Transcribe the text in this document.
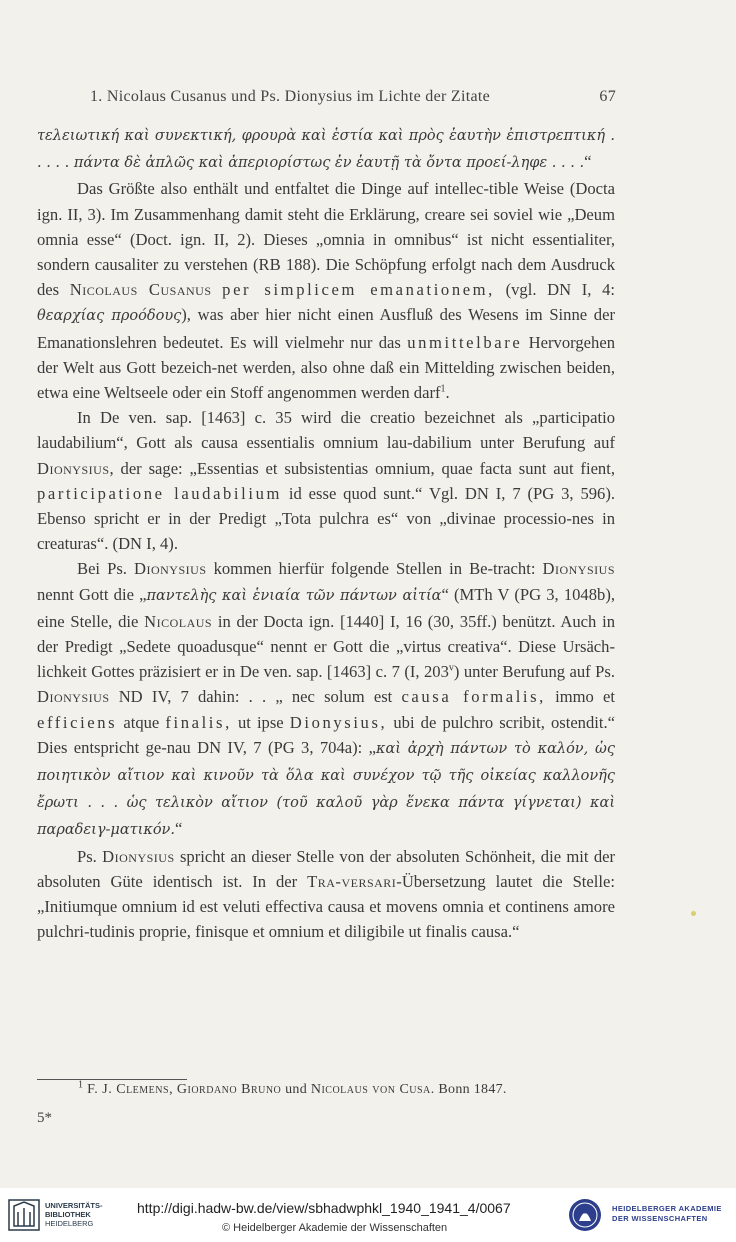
1. Nicolaus Cusanus und Ps. Dionysius im Lichte der Zitate	67

τελειωτική καὶ συνεκτική, φρουρὰ καὶ ἑστία καὶ πρὸς ἑαυτὴν ἐπιστρεπτική . . . . . πάντα δὲ ἀπλῶς καὶ ἀπεριορίστως ἐν ἑαυτῇ τὰ ὄντα προεί-ληφε . . . .“

Das Größte also enthält und entfaltet die Dinge auf intellec-tible Weise (Docta ign. II, 3). Im Zusammenhang damit steht die Erklärung, creare sei soviel wie „Deum omnia esse“ (Doct. ign. II, 2). Dieses „omnia in omnibus“ ist nicht essentialiter, sondern causaliter zu verstehen (RB 188). Die Schöpfung erfolgt nach dem Ausdruck des Nicolaus Cusanus per simplicem emanationem, (vgl. DN I, 4: θεαρχίας προόδους), was aber hier nicht einen Ausfluß des Wesens im Sinne der Emanationslehren bedeutet. Es will vielmehr nur das unmittelbare Hervorgehen der Welt aus Gott bezeich-net werden, also ohne daß ein Mittelding zwischen beiden, etwa eine Weltseele oder ein Stoff angenommen werden darf$^1$.

In De ven. sap. [1463] c. 35 wird die creatio bezeichnet als „participatio laudabilium“, Gott als causa essentialis omnium lau-dabilium unter Berufung auf Dionysius, der sage: „Essentias et subsistentias omnium, quae facta sunt aut fient, participatione laudabilium id esse quod sunt.“ Vgl. DN I, 7 (PG 3, 596). Ebenso spricht er in der Predigt „Tota pulchra es“ von „divinae processio-nes in creaturas“. (DN I, 4).

Bei Ps. Dionysius kommen hierfür folgende Stellen in Be-tracht: Dionysius nennt Gott die „παντελὴς καὶ ἑνιαία τῶν πάντων αἰτία“ (MTh V (PG 3, 1048b), eine Stelle, die Nicolaus in der Docta ign. [1440] I, 16 (30, 35ff.) benützt. Auch in der Predigt „Sedete quoadusque“ nennt er Gott die „virtus creativa“. Diese Ursäch-lichkeit Gottes präzisiert er in De ven. sap. [1463] c. 7 (I, 203$^v$) unter Berufung auf Ps. Dionysius ND IV, 7 dahin: . . „ nec solum est causa formalis, immo et efficiens atque finalis, ut ipse Dionysius, ubi de pulchro scribit, ostendit.“ Dies entspricht ge-nau DN IV, 7 (PG 3, 704a): „καὶ ἀρχὴ πάντων τὸ καλόν, ὡς ποιητικὸν αἴτιον καὶ κινοῦν τὰ ὅλα καὶ συνέχον τῷ τῆς οἰκείας καλλονῆς ἔρωτι . . . ὡς τελικὸν αἴτιον (τοῦ καλοῦ γὰρ ἕνεκα πάντα γίγνεται) καὶ παραδειγ-ματικόν.“

Ps. Dionysius spricht an dieser Stelle von der absoluten Schönheit, die mit der absoluten Güte identisch ist. In der Tra-versari-Übersetzung lautet die Stelle: „Initiumque omnium id est veluti effectiva causa et movens omnia et continens amore pulchri-tudinis proprie, finisque et omnium et diligibile ut finalis causa.“

$^1$ F. J. Clemens, Giordano Bruno und Nicolaus von Cusa. Bonn 1847.
5*
UNIVERSITÄTS-
BIBLIOTHEK
HEIDELBERG
http://digi.hadw-bw.de/view/sbhadwphkl_1940_1941_4/0067
© Heidelberger Akademie der Wissenschaften
HEIDELBERGER AKADEMIE
DER WISSENSCHAFTEN
